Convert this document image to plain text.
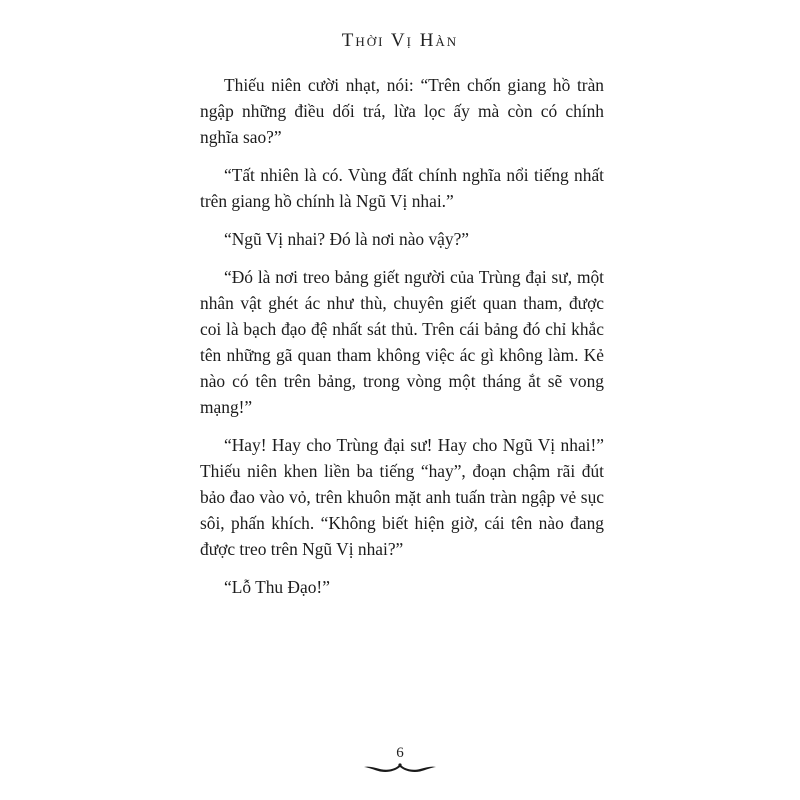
Thời Vị Hàn

Thiếu niên cười nhạt, nói: “Trên chốn giang hồ tràn ngập những điều dối trá, lừa lọc ấy mà còn có chính nghĩa sao?”

“Tất nhiên là có. Vùng đất chính nghĩa nổi tiếng nhất trên giang hồ chính là Ngũ Vị nhai.”

“Ngũ Vị nhai? Đó là nơi nào vậy?”

“Đó là nơi treo bảng giết người của Trùng đại sư, một nhân vật ghét ác như thù, chuyên giết quan tham, được coi là bạch đạo đệ nhất sát thủ. Trên cái bảng đó chỉ khắc tên những gã quan tham không việc ác gì không làm. Kẻ nào có tên trên bảng, trong vòng một tháng ắt sẽ vong mạng!”

“Hay! Hay cho Trùng đại sư! Hay cho Ngũ Vị nhai!” Thiếu niên khen liền ba tiếng “hay”, đoạn chậm rãi đút bảo đao vào vỏ, trên khuôn mặt anh tuấn tràn ngập vẻ sục sôi, phấn khích. “Không biết hiện giờ, cái tên nào đang được treo trên Ngũ Vị nhai?”

“Lỗ Thu Đạo!”

6
